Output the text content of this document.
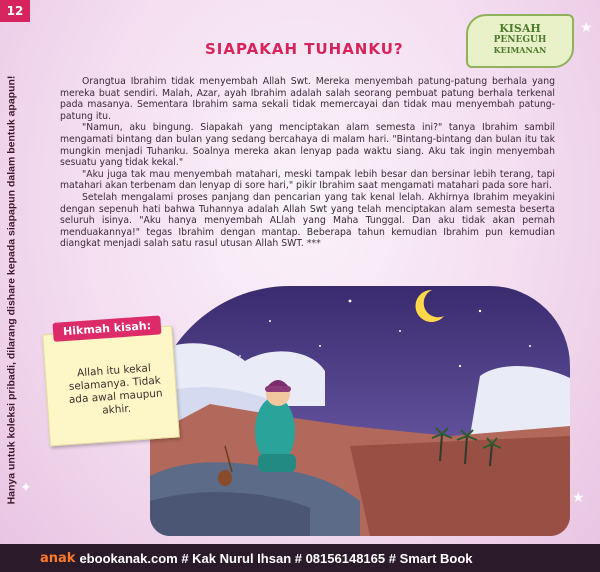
12
Hanya untuk koleksi pribadi, dilarang dishare kepada siapapun dalam bentuk apapun!
KISAH
PENEGUH
KEIMANAN
★
✦
★
SIAPAKAH TUHANKU?

Orangtua Ibrahim tidak menyembah Allah Swt. Mereka menyembah patung-patung berhala yang mereka buat sendiri. Malah, Azar, ayah Ibrahim adalah salah seorang pembuat patung berhala terkenal pada masanya. Sementara Ibrahim sama sekali tidak memercayai dan tidak mau menyembah patung-patung itu.

"Namun, aku bingung. Siapakah yang menciptakan alam semesta ini?" tanya Ibrahim sambil mengamati bintang dan bulan yang sedang bercahaya di malam hari. "Bintang-bintang dan bulan itu tak mungkin menjadi Tuhanku. Soalnya mereka akan lenyap pada waktu siang. Aku tak ingin menyembah sesuatu yang tidak kekal."

"Aku juga tak mau menyembah matahari, meski tampak lebih besar dan bersinar lebih terang, tapi matahari akan terbenam dan lenyap di sore hari," pikir Ibrahim saat mengamati matahari pada sore hari.

Setelah mengalami proses panjang dan pencarian yang tak kenal lelah. Akhirnya Ibrahim meyakini dengan sepenuh hati bahwa Tuhannya adalah Allah Swt yang telah menciptakan alam semesta beserta seluruh isinya. "Aku hanya menyembah ALlah yang Maha Tunggal. Dan aku tidak akan pernah menduakannya!" tegas Ibrahim dengan mantap. Beberapa tahun kemudian Ibrahim pun kemudian diangkat menjadi salah satu rasul utusan Allah SWT. ***

Hikmah kisah:
Allah itu kekal selamanya. Tidak ada awal maupun akhir.
anak ebookanak.com # Kak Nurul Ihsan # 08156148165 # Smart Book
